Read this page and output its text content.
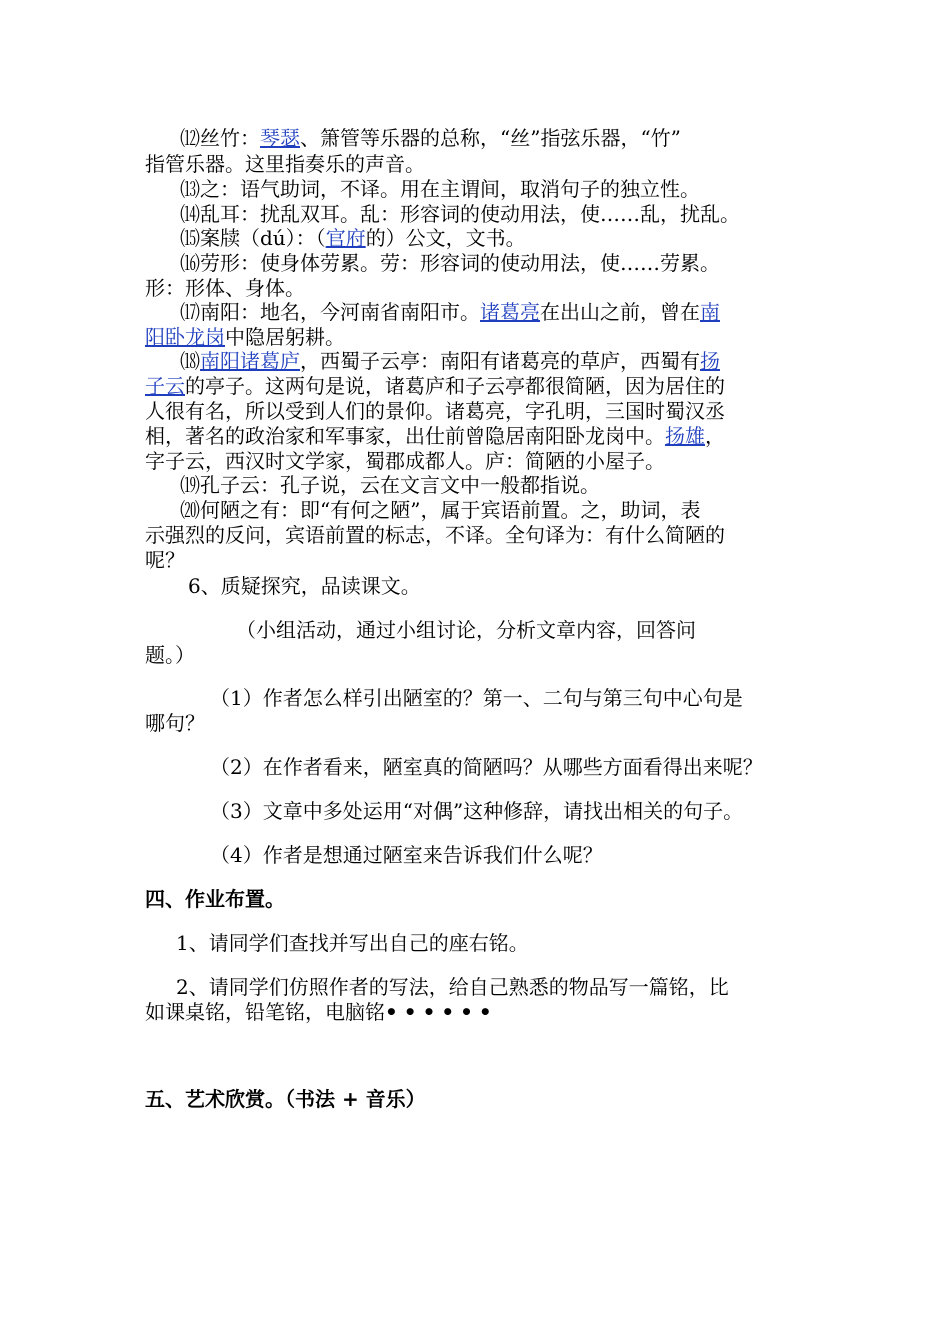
⑿丝竹：琴瑟、箫管等乐器的总称，“丝”指弦乐器，“竹”
指管乐器。这里指奏乐的声音。
⒀之：语气助词，不译。用在主谓间，取消句子的独立性。
⒁乱耳：扰乱双耳。乱：形容词的使动用法，使……乱，扰乱。
⒂案牍（dú）：（官府的）公文，文书。
⒃劳形：使身体劳累。劳：形容词的使动用法，使……劳累。
形：形体、身体。
⒄南阳：地名，今河南省南阳市。诸葛亮在出山之前，曾在南
阳卧龙岗中隐居躬耕。
⒅南阳诸葛庐，西蜀子云亭：南阳有诸葛亮的草庐，西蜀有扬
子云的亭子。这两句是说，诸葛庐和子云亭都很简陋，因为居住的
人很有名，所以受到人们的景仰。诸葛亮，字孔明，三国时蜀汉丞
相，著名的政治家和军事家，出仕前曾隐居南阳卧龙岗中。扬雄，
字子云，西汉时文学家，蜀郡成都人。庐：简陋的小屋子。
⒆孔子云：孔子说，云在文言文中一般都指说。
⒇何陋之有：即“有何之陋”，属于宾语前置。之，助词，表
示强烈的反问，宾语前置的标志，不译。全句译为：有什么简陋的
呢？
6、质疑探究，品读课文。
（小组活动，通过小组讨论，分析文章内容，回答问
题。）
（1）作者怎么样引出陋室的？第一、二句与第三句中心句是
哪句？
（2）在作者看来，陋室真的简陋吗？从哪些方面看得出来呢？
（3）文章中多处运用“对偶”这种修辞，请找出相关的句子。
（4）作者是想通过陋室来告诉我们什么呢？
四、作业布置。
1、请同学们查找并写出自己的座右铭。
2、请同学们仿照作者的写法，给自己熟悉的物品写一篇铭，比
如课桌铭，铅笔铭，电脑铭••••••
五、艺术欣赏。（书法 + 音乐）
